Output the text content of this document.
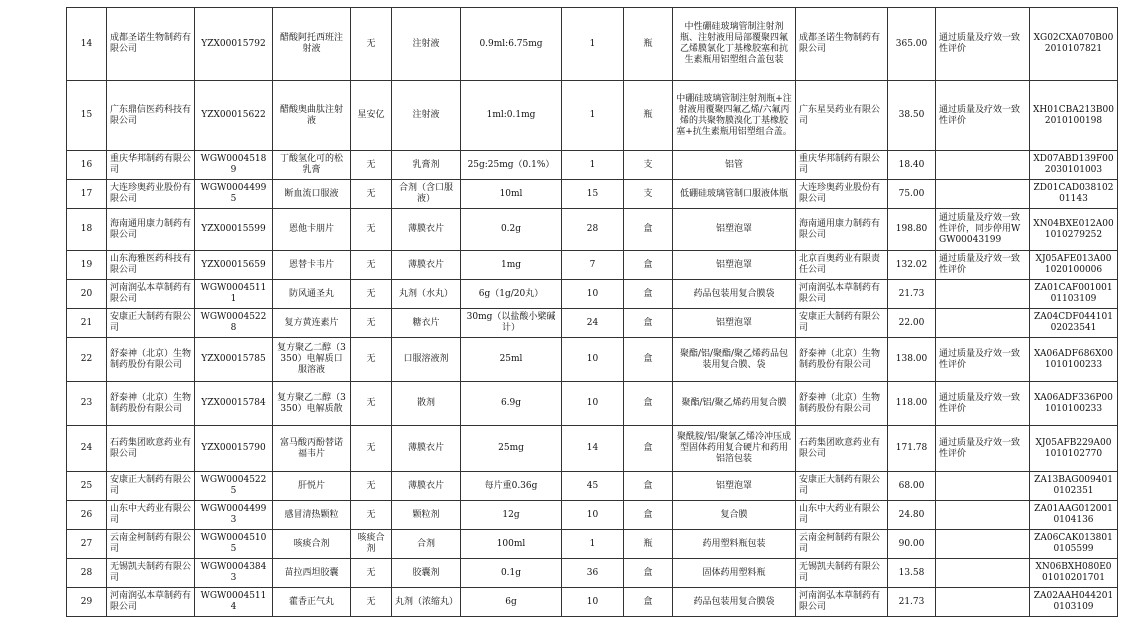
14	成都圣诺生物制药有限公司	YZX00015792	醋酸阿托西班注射液	无	注射液	0.9ml:6.75mg	1	瓶	中性硼硅玻璃管制注射剂瓶、注射液用局部覆聚四氟乙烯膜氯化丁基橡胶塞和抗生素瓶用铝塑组合盖包装	成都圣诺生物制药有限公司	365.00	通过质量及疗效一致性评价	XG02CXA070B002010107821
15	广东鼎信医药科技有限公司	YZX00015622	醋酸奥曲肽注射液	星安亿	注射液	1ml:0.1mg	1	瓶	中硼硅玻璃管制注射剂瓶+注射液用覆聚四氟乙烯/六氟丙烯的共聚物膜溴化丁基橡胶塞+抗生素瓶用铝塑组合盖。	广东星昊药业有限公司	38.50	通过质量及疗效一致性评价	XH01CBA213B002010100198
16	重庆华邦制药有限公司	WGW00045189	丁酸氢化可的松乳膏	无	乳膏剂	25g:25mg（0.1%）	1	支	铝管	重庆华邦制药有限公司	18.40		XD07ABD139F002030101003
17	大连珍奥药业股份有限公司	WGW00044995	断血流口服液	无	合剂（含口服液）	10ml	15	支	低硼硅玻璃管制口服液体瓶	大连珍奥药业股份有限公司	75.00		ZD01CAD03810201143
18	海南通用康力制药有限公司	YZX00015599	恩他卡朋片	无	薄膜衣片	0.2g	28	盒	铝塑泡罩	海南通用康力制药有限公司	198.80	通过质量及疗效一致性评价，同步停用WGW00043199	XN04BXE012A001010279252
19	山东海雅医药科技有限公司	YZX00015659	恩替卡韦片	无	薄膜衣片	1mg	7	盒	铝塑泡罩	北京百奥药业有限责任公司	132.02	通过质量及疗效一致性评价	XJ05AFE013A001020100006
20	河南润弘本草制药有限公司	WGW00045111	防风通圣丸	无	丸剂（水丸）	6g（1g/20丸）	10	盒	药品包装用复合膜袋	河南润弘本草制药有限公司	21.73		ZA01CAF00100101103109
21	安康正大制药有限公司	WGW00045228	复方黄连素片	无	糖衣片	30mg（以盐酸小檗碱计）	24	盒	铝塑泡罩	安康正大制药有限公司	22.00		ZA04CDF04410102023541
22	舒泰神（北京）生物制药股份有限公司	YZX00015785	复方聚乙二醇（3350）电解质口服溶液	无	口服溶液剂	25ml	10	盒	聚酯/铝/聚酯/聚乙烯药品包装用复合膜、袋	舒泰神（北京）生物制药股份有限公司	138.00	通过质量及疗效一致性评价	XA06ADF686X001010100233
23	舒泰神（北京）生物制药股份有限公司	YZX00015784	复方聚乙二醇（3350）电解质散	无	散剂	6.9g	10	盒	聚酯/铝/聚乙烯药用复合膜	舒泰神（北京）生物制药股份有限公司	118.00	通过质量及疗效一致性评价	XA06ADF336P001010100233
24	石药集团欧意药业有限公司	YZX00015790	富马酸丙酚替诺福韦片	无	薄膜衣片	25mg	14	盒	聚酰胺/铝/聚氯乙烯冷冲压成型固体药用复合硬片和药用铝箔包装	石药集团欧意药业有限公司	171.78	通过质量及疗效一致性评价	XJ05AFB229A001010102770
25	安康正大制药有限公司	WGW00045225	肝悦片	无	薄膜衣片	每片重0.36g	45	盒	铝塑泡罩	安康正大制药有限公司	68.00		ZA13BAG0094010102351
26	山东中大药业有限公司	WGW00044993	感冒清热颗粒	无	颗粒剂	12g	10	盒	复合膜	山东中大药业有限公司	24.80		ZA01AAG0120010104136
27	云南金柯制药有限公司	WGW00045105	咳痰合剂	咳痰合剂	合剂	100ml	1	瓶	药用塑料瓶包装	云南金柯制药有限公司	90.00		ZA06CAK0138010105599
28	无锡凯夫制药有限公司	WGW00043843	苗拉西坦胶囊	无	胶囊剂	0.1g	36	盒	固体药用塑料瓶	无锡凯夫制药有限公司	13.58		XN06BXH080E001010201701
29	河南润弘本草制药有限公司	WGW00045114	藿香正气丸	无	丸剂（浓缩丸）	6g	10	盒	药品包装用复合膜袋	河南润弘本草制药有限公司	21.73		ZA02AAH0442010103109
